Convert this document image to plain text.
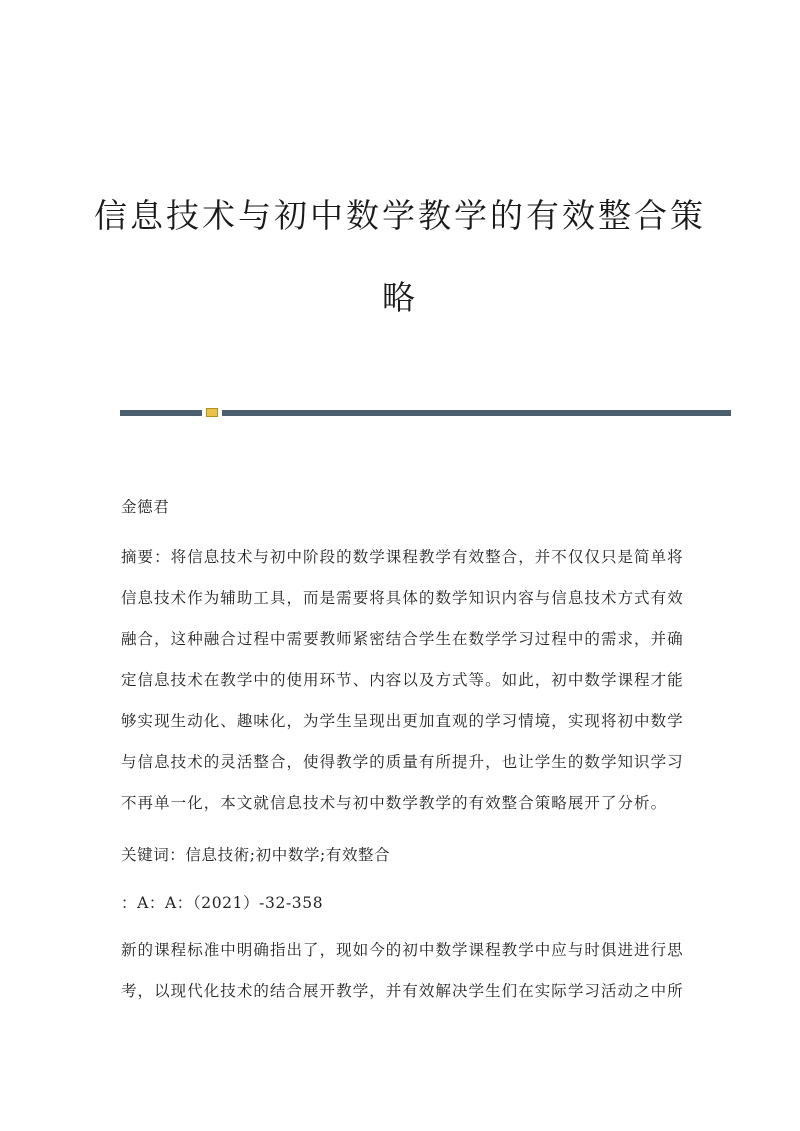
信息技术与初中数学教学的有效整合策
略

金德君

摘要：将信息技术与初中阶段的数学课程教学有效整合，并不仅仅只是简单将

信息技术作为辅助工具，而是需要将具体的数学知识内容与信息技术方式有效

融合，这种融合过程中需要教师紧密结合学生在数学学习过程中的需求，并确

定信息技术在教学中的使用环节、内容以及方式等。如此，初中数学课程才能

够实现生动化、趣味化，为学生呈现出更加直观的学习情境，实现将初中数学

与信息技术的灵活整合，使得教学的质量有所提升，也让学生的数学知识学习

不再单一化，本文就信息技术与初中数学教学的有效整合策略展开了分析。

关键词：信息技術;初中数学;有效整合

：A：A：（2021）-32-358

新的课程标准中明确指出了，现如今的初中数学课程教学中应与时俱进进行思

考，以现代化技术的结合展开教学，并有效解决学生们在实际学习活动之中所
